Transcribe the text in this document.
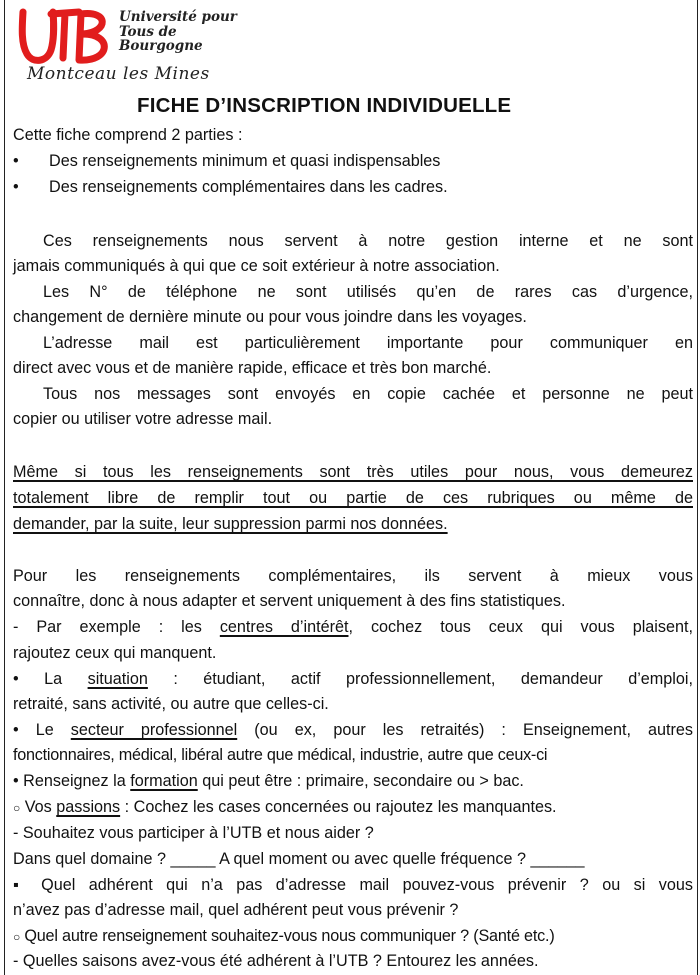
Université pour
Tous de
Bourgogne
Montceau les Mines
FICHE D’INSCRIPTION INDIVIDUELLE
Cette fiche comprend 2 parties :
• Des renseignements minimum et quasi indispensables
• Des renseignements complémentaires dans les cadres.
Ces renseignements nous servent à notre gestion interne et ne sont
jamais communiqués à qui que ce soit extérieur à notre association.
Les N° de téléphone ne sont utilisés qu’en de rares cas d’urgence,
changement de dernière minute ou pour vous joindre dans les voyages.
L’adresse mail est particulièrement importante pour communiquer en
direct avec vous et de manière rapide, efficace et très bon marché.
Tous nos messages sont envoyés en copie cachée et personne ne peut
copier ou utiliser votre adresse mail.
Même si tous les renseignements sont très utiles pour nous, vous demeurez
totalement libre de remplir tout ou partie de ces rubriques ou même de
demander, par la suite, leur suppression parmi nos données.
Pour les renseignements complémentaires, ils servent à mieux vous
connaître, donc à nous adapter et servent uniquement à des fins statistiques.
- Par exemple : les centres d’intérêt, cochez tous ceux qui vous plaisent,
rajoutez ceux qui manquent.
• La situation : étudiant, actif professionnellement, demandeur d’emploi,
retraité, sans activité, ou autre que celles-ci.
• Le secteur professionnel (ou ex, pour les retraités) : Enseignement, autres
fonctionnaires, médical, libéral autre que médical, industrie, autre que ceux-ci
• Renseignez la formation qui peut être : primaire, secondaire ou > bac.
○ Vos passions : Cochez les cases concernées ou rajoutez les manquantes.
- Souhaitez vous participer à l’UTB et nous aider ?
Dans quel domaine ? _____ A quel moment ou avec quelle fréquence ? ______
▪ Quel adhérent qui n’a pas d’adresse mail pouvez-vous prévenir ? ou si vous
n’avez pas d’adresse mail, quel adhérent peut vous prévenir ?
○ Quel autre renseignement souhaitez-vous nous communiquer ? (Santé etc.)
- Quelles saisons avez-vous été adhérent à l’UTB ? Entourez les années.
